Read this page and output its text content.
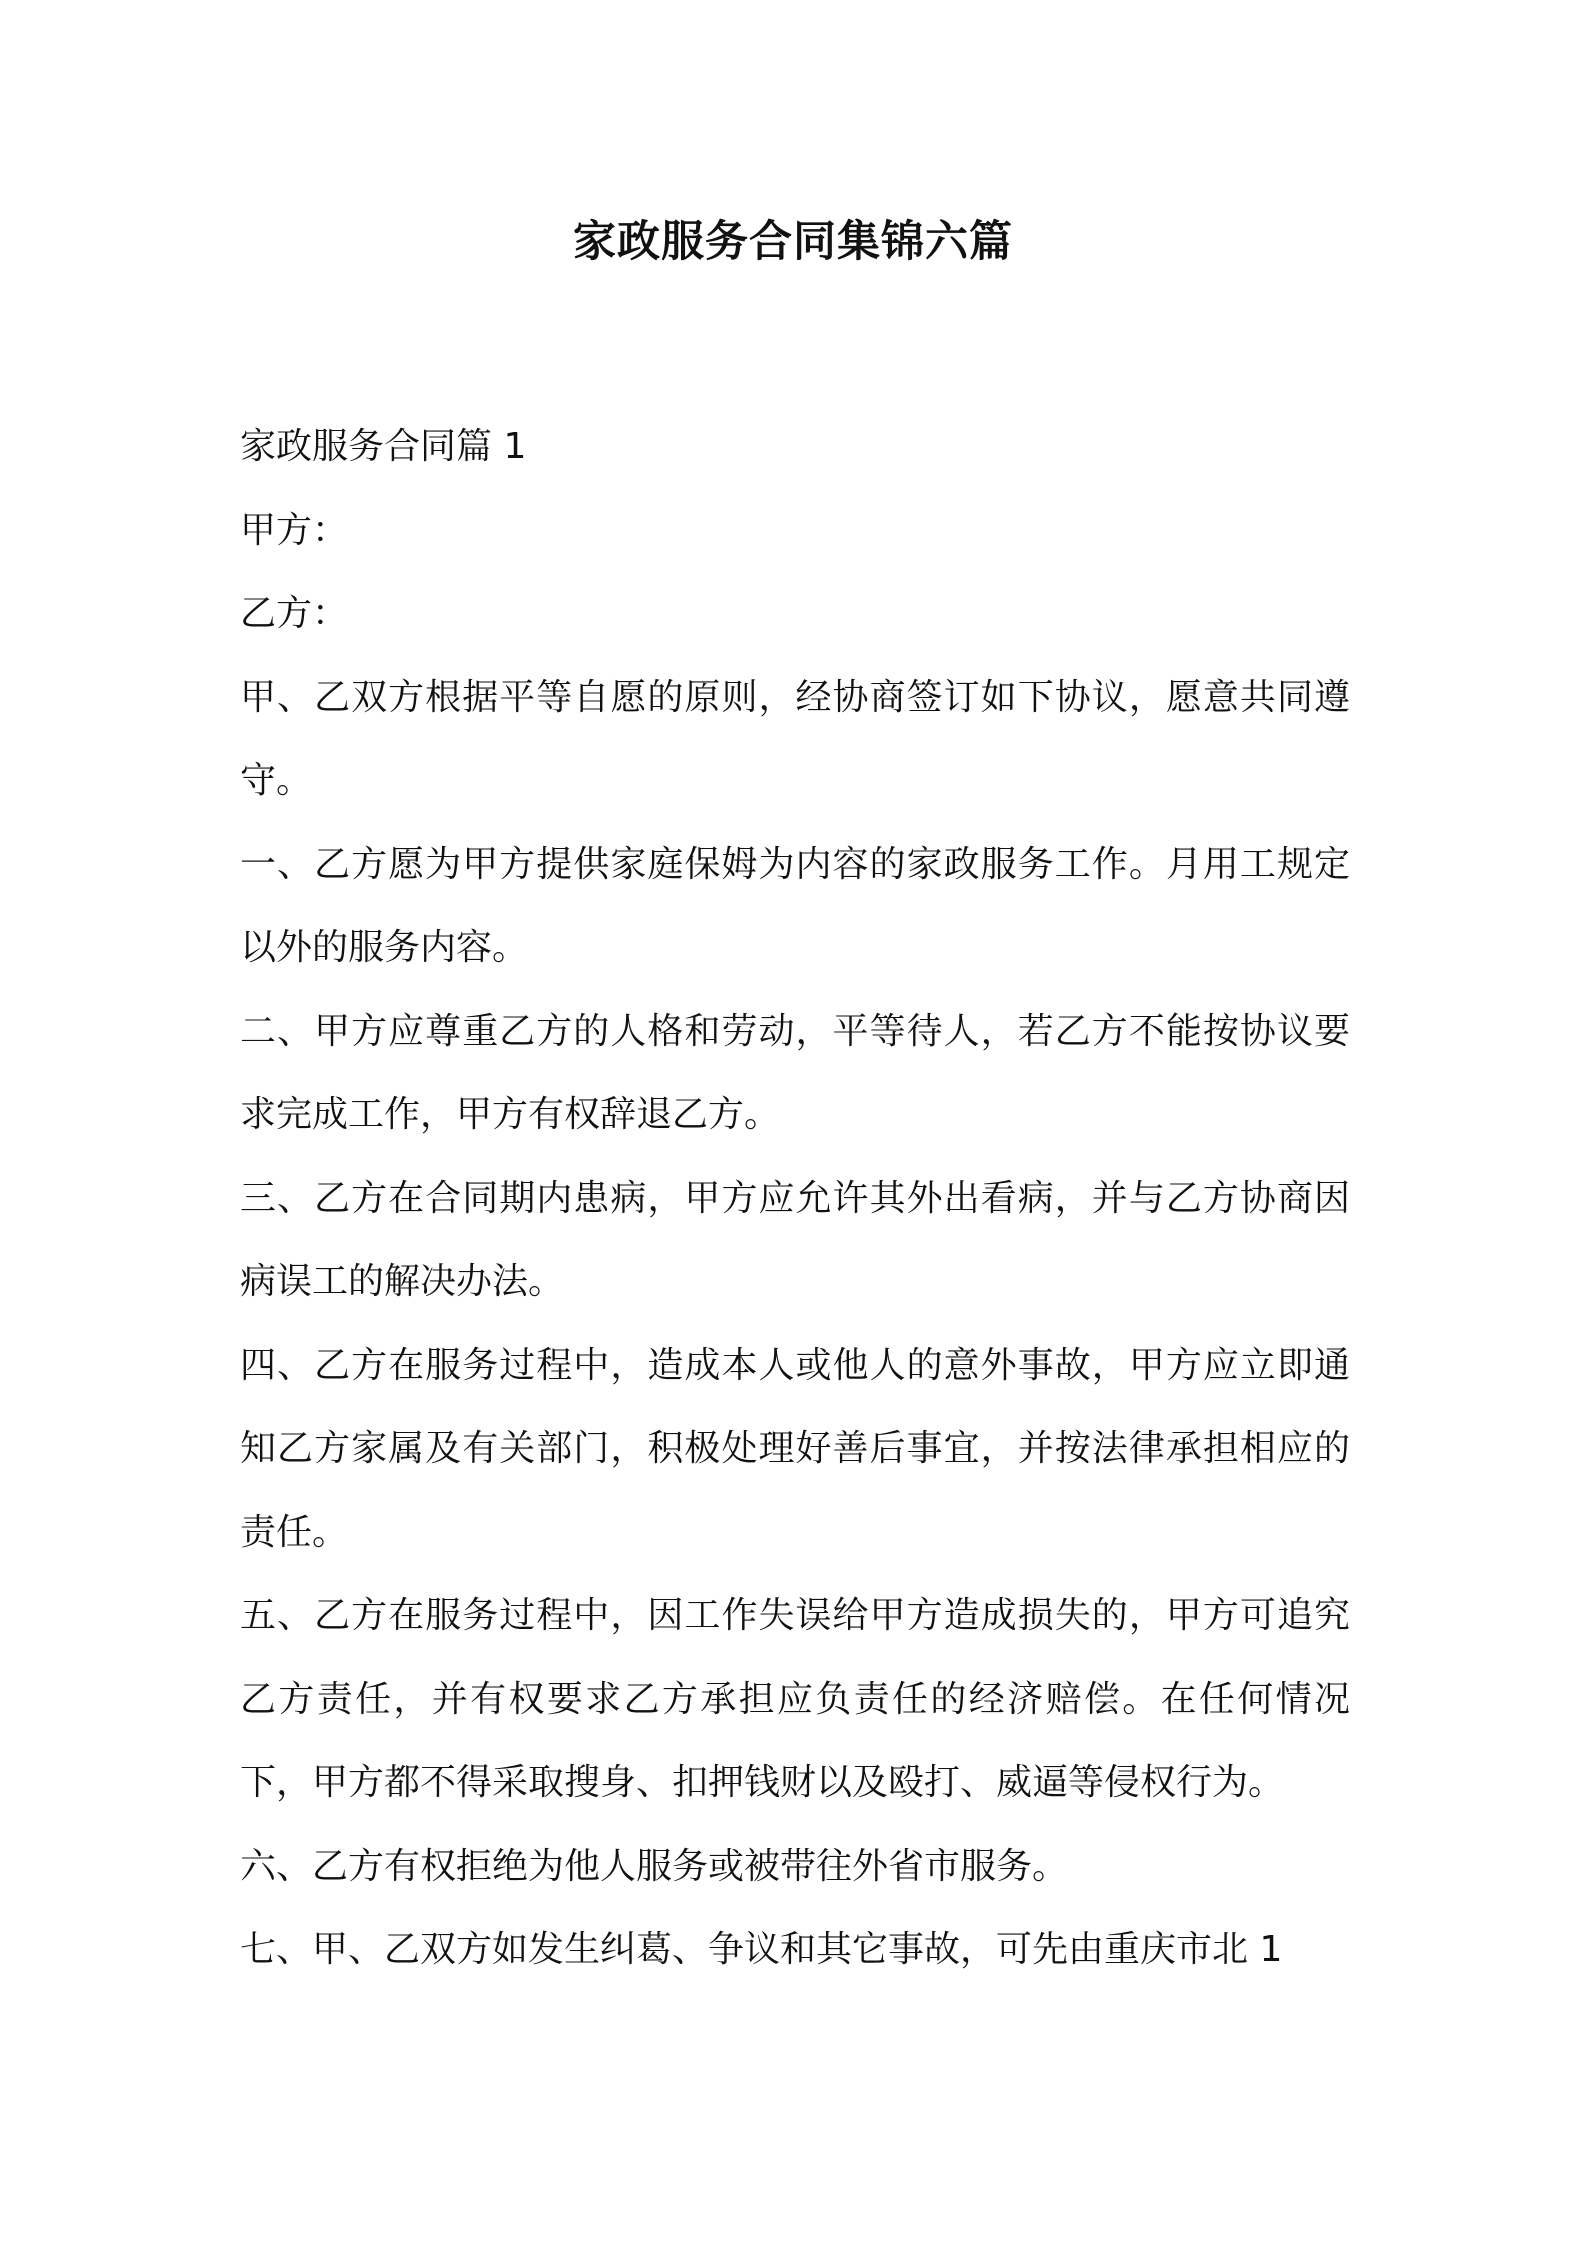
家政服务合同集锦六篇

家政服务合同篇 1

甲方：

乙方：

甲、乙双方根据平等自愿的原则，经协商签订如下协议，愿意共同遵守。

一、乙方愿为甲方提供家庭保姆为内容的家政服务工作。月用工规定以外的服务内容。

二、甲方应尊重乙方的人格和劳动，平等待人，若乙方不能按协议要求完成工作，甲方有权辞退乙方。

三、乙方在合同期内患病，甲方应允许其外出看病，并与乙方协商因病误工的解决办法。

四、乙方在服务过程中，造成本人或他人的意外事故，甲方应立即通知乙方家属及有关部门，积极处理好善后事宜，并按法律承担相应的责任。

五、乙方在服务过程中，因工作失误给甲方造成损失的，甲方可追究乙方责任，并有权要求乙方承担应负责任的经济赔偿。在任何情况下，甲方都不得采取搜身、扣押钱财以及殴打、威逼等侵权行为。

六、乙方有权拒绝为他人服务或被带往外省市服务。

七、甲、乙双方如发生纠葛、争议和其它事故，可先由重庆市北 1
